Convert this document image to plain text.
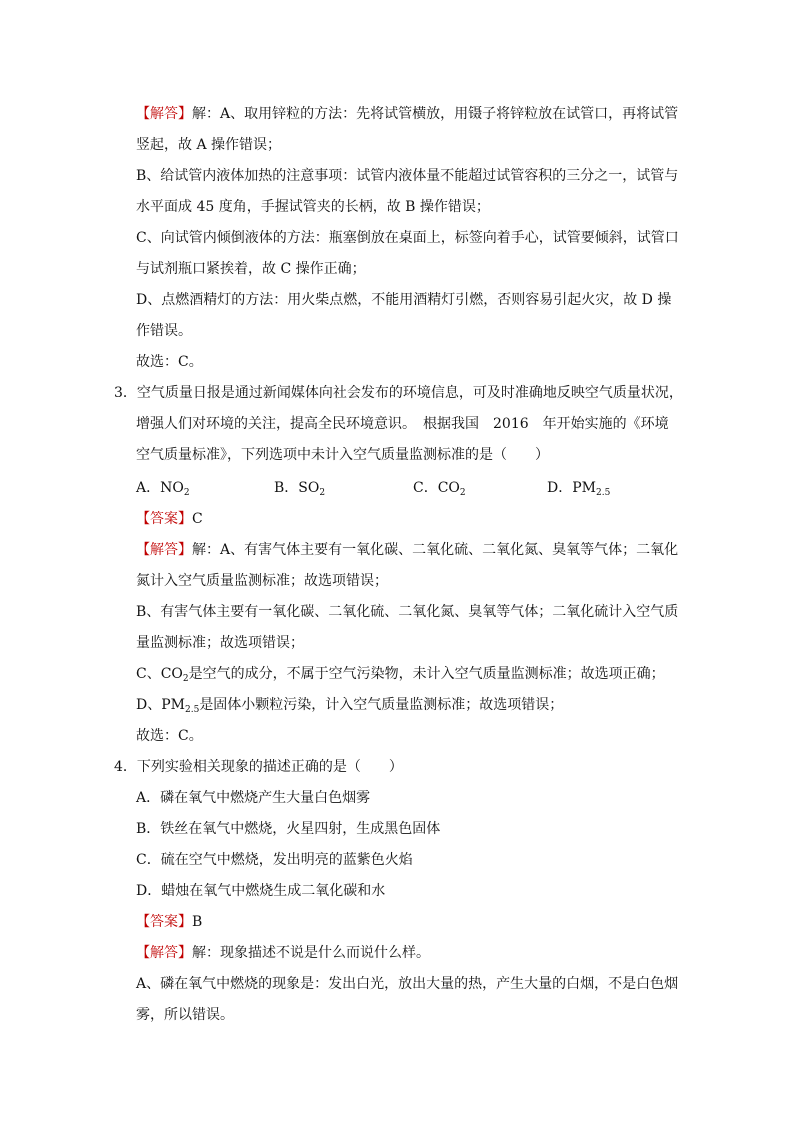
【解答】解：A、取用锌粒的方法：先将试管横放，用镊子将锌粒放在试管口，再将试管
竖起，故 A 操作错误；
B、给试管内液体加热的注意事项：试管内液体量不能超过试管容积的三分之一，试管与
水平面成 45 度角，手握试管夹的长柄，故 B 操作错误；
C、向试管内倾倒液体的方法：瓶塞倒放在桌面上，标签向着手心，试管要倾斜，试管口
与试剂瓶口紧挨着，故 C 操作正确；
D、点燃酒精灯的方法：用火柴点燃，不能用酒精灯引燃，否则容易引起火灾，故 D 操
作错误。
故选：C。
3．空气质量日报是通过新闻媒体向社会发布的环境信息，可及时准确地反映空气质量状况，
增强人们对环境的关注，提高全民环境意识。　根据我国　2016　年开始实施的《环境
空气质量标准》，下列选项中未计入空气质量监测标准的是（　　）
A．$NO_2$	B．$SO_2$	C．$CO_2$	D．$PM_{2.5}$
【答案】C
【解答】解：A、有害气体主要有一氧化碳、二氧化硫、二氧化氮、臭氧等气体；二氧化
氮计入空气质量监测标准；故选项错误；
B、有害气体主要有一氧化碳、二氧化硫、二氧化氮、臭氧等气体；二氧化硫计入空气质
量监测标准；故选项错误；
C、$CO_2$是空气的成分，不属于空气污染物，未计入空气质量监测标准；故选项正确；
D、$PM_{2.5}$是固体小颗粒污染，计入空气质量监测标准；故选项错误；
故选：C。
4．下列实验相关现象的描述正确的是（　　）
A．磷在氧气中燃烧产生大量白色烟雾
B．铁丝在氧气中燃烧，火星四射，生成黑色固体
C．硫在空气中燃烧，发出明亮的蓝紫色火焰
D．蜡烛在氧气中燃烧生成二氧化碳和水
【答案】B
【解答】解：现象描述不说是什么而说什么样。
A、磷在氧气中燃烧的现象是：发出白光，放出大量的热，产生大量的白烟，不是白色烟
雾，所以错误。
